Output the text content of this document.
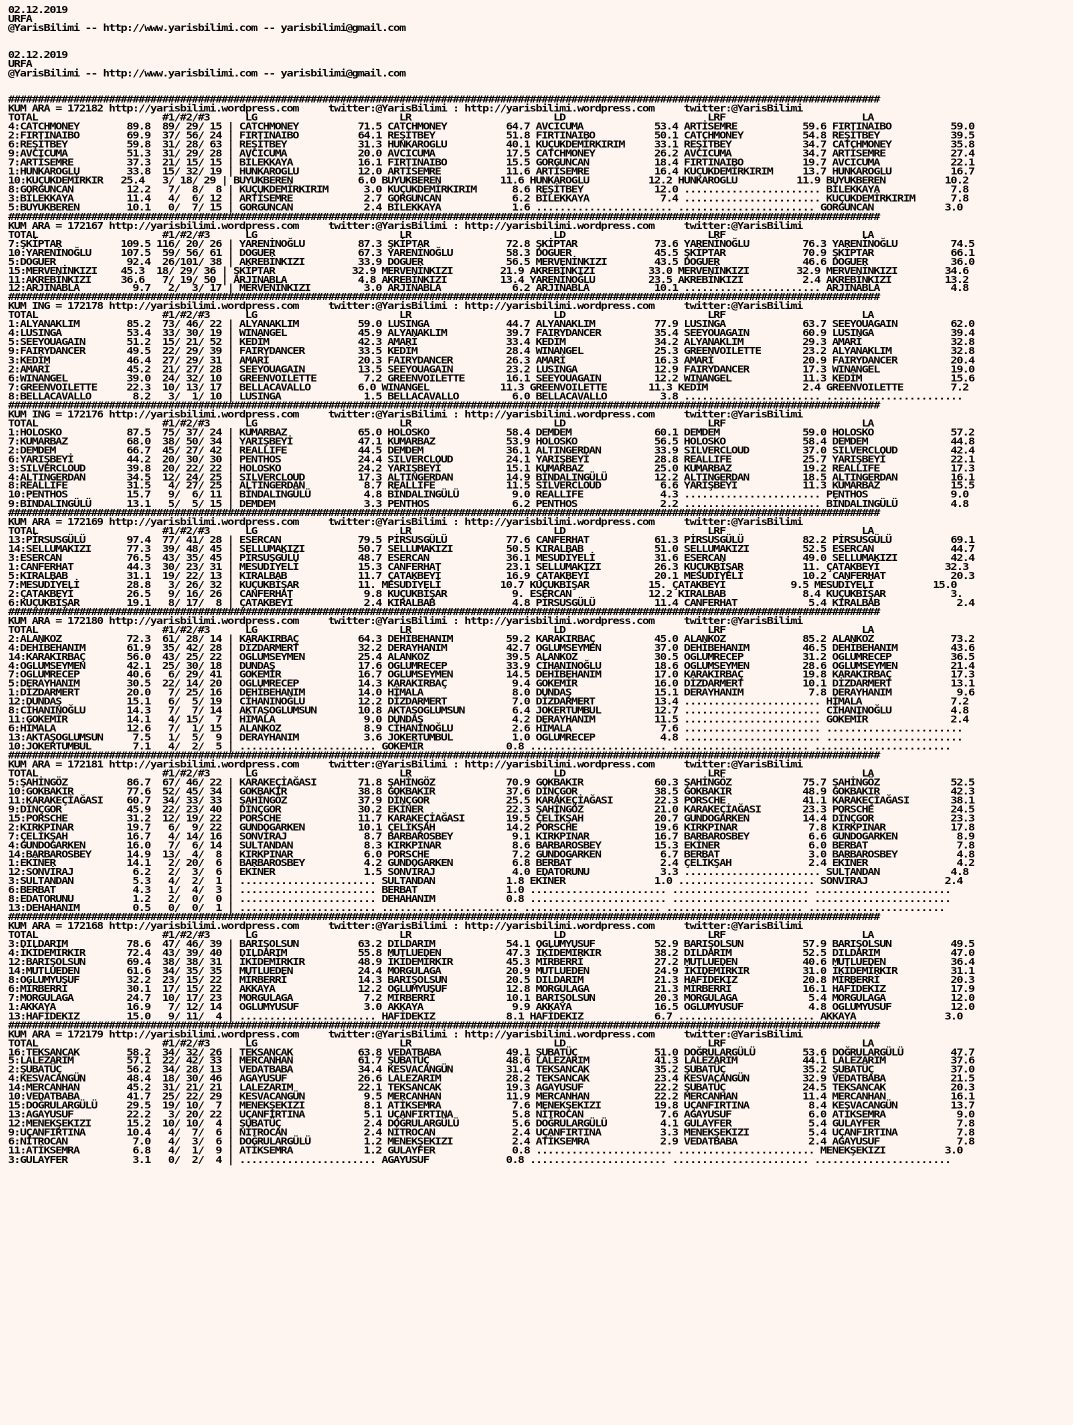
02.12.2019
URFA
@YarisBilimi -- http://www.yarisbilimi.com -- yarisbilimi@gmail.com
02.12.2019
URFA
@YarisBilimi -- http://www.yarisbilimi.com -- yarisbilimi@gmail.com
###################################################################################################################################################
KUM ARA = 172182 http://yarisbilimi.wordpress.com     twitter:@YarisBilimi : http://yarisbilimi.wordpress.com     twitter:@YarisBilimi
TOTAL                     #1/#2/#3      LG                        LR                        LD                        LRF                       LA
4:CATCHMONEY        89.8  89/ 29/ 15 | CATCHMONEY          71.5 CATCHMONEY          64.7 AVCICUMA            53.4 ARTİSEMRE           59.6 FIRTINAIBO          59.0
2:FIRTINAIBO        69.9  37/ 56/ 24 | FIRTINAIBO          64.1 REŞİTBEY            51.8 FIRTINAIBO          50.1 CATCHMONEY          54.8 REŞİTBEY            39.5
6:REŞİTBEY          59.8  31/ 28/ 63 | REŞİTBEY            31.3 HUNKAROGLU          40.1 KUÇUKDEMİRKIRIM     33.1 REŞİTBEY            34.7 CATCHMONEY          35.8
9:AVCICUMA          51.3  31/ 29/ 28 | AVCICUMA            20.0 AVCICUMA            17.5 CATCHMONEY          26.2 AVCICUMA            34.7 ARTİSEMRE           27.4
7:ARTİSEMRE         37.3  21/ 15/ 15 | BİLEKKAYA           16.1 FIRTINAIBO          15.5 GORGUNCAN           18.4 FIRTINAIBO          19.7 AVCICUMA            22.1
1:HUNKAROGLU        33.8  15/ 32/ 19 | HUNKAROGLU          12.0 ARTİSEMRE           11.6 ARTİSEMRE           16.4 KUÇUKDEMİRKIRIM     13.7 HUNKAROGLU          16.7
10:KUÇUKDEMİRKIR   25.4   3/ 18/ 29 | BUYUKBEREN           6.0 BUYUKBEREN          11.6 HUNKAROGLU          12.2 HUNKAROGLU          11.9 BUYUKBEREN          10.2
8:GORGUNCAN         12.2   7/  8/  8 | KUÇUKDEMİRKIRIM      3.0 KUÇUKDEMİRKIRIM      8.6 REŞİTBEY            12.0 ....................... BİLEKKAYA            7.8
3:BİLEKKAYA         11.4   4/  6/ 12 | ARTİSEMRE            2.7 GORGUNCAN            6.2 BİLEKKAYA            7.4 ....................... KUÇUKDEMİRKIRIM      7.8
5:BUYUKBEREN        10.1   0/  7/ 15 | GORGUNCAN            2.4 BİLEKKAYA            1.6 ....................... ....................... GORGUNCAN            3.0
###################################################################################################################################################
KUM ARA = 172167 http://yarisbilimi.wordpress.com     twitter:@YarisBilimi : http://yarisbilimi.wordpress.com     twitter:@YarisBilimi
TOTAL                     #1/#2/#3      LG                        LR                        LD                        LRF                       LA
7:ŞKİPTAR          109.5 116/ 20/ 26 | YARENİNOĞLU         87.3 ŞKİPTAR             72.8 ŞKİPTAR             73.6 YARENİNOĞLU         76.3 YARENİNOĞLU         74.5
10:YARENİNOĞLU     107.5  59/ 56/ 61 | DOGUER              67.3 YARENİNOĞLU         58.3 DOGUER              45.5 ŞKİPTAR             70.9 ŞKİPTAR             66.1
5:DOGUER            92.4  26/101/ 38 | AKREBİNKIZI         33.9 DOGUER              56.5 MERVENİNKIZI        43.5 DOGUER              46.6 DOGUER              36.0
15:MERVENİNKIZI    45.3  18/ 29/ 36 | ŞKİPTAR             32.9 MERVENİNKIZI        21.9 AKREBİNKIZI         33.0 MERVENİNKIZI        32.9 MERVENİNKIZI        34.6
11:AKREBİNKIZI     36.6   7/ 19/ 50 | ARJINABLA            4.8 AKREBİNKIZI         13.4 YARENİNOĞLU         23.5 AKREBİNKIZI          2.4 AKREBİNKIZI         13.2
12:ARJINABLA         9.7   2/  3/ 17 | MERVENİNKIZI         3.0 ARJINABLA            6.2 ARJINABLA           10.1 ....................... ARJINABLA            4.8
###################################################################################################################################################
KUM ING = 172178 http://yarisbilimi.wordpress.com     twitter:@YarisBilimi : http://yarisbilimi.wordpress.com     twitter:@YarisBilimi
TOTAL                     #1/#2/#3      LG                        LR                        LD                        LRF                       LA
1:ALYANAKLIM        85.2  73/ 46/ 22 | ALYANAKLIM          59.0 LUSINGA             44.7 ALYANAKLIM          77.9 LUSINGA             63.7 SEEYOUAGAIN         62.0
4:LUSINGA           53.4  33/ 30/ 19 | WINANGEL            45.9 ALYANAKLIM          39.7 FAIRYDANCER         35.4 SEEYOUAGAIN         60.9 LUSINGA             39.4
5:SEEYOUAGAIN       51.2  15/ 21/ 52 | KEDİM               42.3 AMARİ               33.4 KEDİM               34.2 ALYANAKLIM          29.3 AMARİ               32.8
9:FAIRYDANCER       49.5  22/ 29/ 39 | FAIRYDANCER         33.5 KEDİM               28.4 WINANGEL            25.3 GREENVOILETTE       23.2 ALYANAKLIM          32.8
3:KEDİM             46.4  27/ 29/ 31 | AMARİ               20.3 FAIRYDANCER         26.3 AMARİ               16.3 AMARİ               20.9 FAIRYDANCER         20.4
2:AMARİ             45.2  21/ 27/ 28 | SEEYOUAGAIN         13.5 SEEYOUAGAIN         23.2 LUSINGA             12.9 FAIRYDANCER         17.3 WINANGEL            19.0
6:WINANGEL          39.0  24/ 32/ 10 | GREENVOILETTE        7.2 GREENVOILETTE       16.1 SEEYOUAGAIN         12.2 WINANGEL            11.3 KEDİM               15.6
7:GREENVOILETTE     22.3  10/ 13/ 17 | BELLACAVALLO        6.0 WINANGEL            11.3 GREENVOILETTE       11.3 KEDİM                2.4 GREENVOILETTE        7.2
8:BELLACAVALLO       8.2   3/  1/ 10 | LUSINGA              1.5 BELLACAVALLO         6.0 BELLACAVALLO         3.8 ....................... .......................
###################################################################################################################################################
KUM ING = 172176 http://yarisbilimi.wordpress.com     twitter:@YarisBilimi : http://yarisbilimi.wordpress.com     twitter:@YarisBilimi
TOTAL                     #1/#2/#3      LG                        LR                        LD                        LRF                       LA
1:HOLOSKO           87.5  75/ 37/ 24 | KUMARBAZ            65.0 HOLOSKO             58.4 DEMDEM              60.1 DEMDEM              59.0 HOLOSKO             57.2
7:KUMARBAZ          68.0  38/ 50/ 34 | YARIŞBEYİ           47.1 KUMARBAZ            53.9 HOLOSKO             56.5 HOLOSKO             58.4 DEMDEM              44.8
2:DEMDEM            66.7  45/ 27/ 42 | REALLIFE            44.5 DEMDEM              36.1 ALTINGERDAN         33.9 SILVERCLOUD         37.0 SILVERCLOUD         42.4
6:YARIŞBEYİ         44.2  20/ 30/ 30 | PENTHOS             24.4 SILVERCLOUD         24.1 YARIŞBEYİ           28.8 REALLIFE            25.7 YARIŞBEYİ           22.1
3:SILVERCLOUD       39.8  20/ 22/ 22 | HOLOSKO             24.2 YARIŞBEYİ           15.1 KUMARBAZ            25.0 KUMARBAZ            19.2 REALLIFE            17.3
4:ALTINGERDAN       34.5  12/ 24/ 25 | SILVERCLOUD         17.3 ALTINGERDAN         14.9 BİNDALINGÜLÜ        12.2 ALTINGERDAN         18.5 ALTINGERDAN         16.1
8:REALLIFE          31.5   4/ 27/ 25 | ALTINGERDAN          8.7 REALLIFE            11.5 SILVERCLOUD          6.6 YARIŞBEYİ           11.3 KUMARBAZ            15.5
10:PENTHOS          15.7   9/  6/ 11 | BİNDALINGÜLÜ         4.8 BİNDALINGÜLÜ         9.0 REALLIFE             4.3 ....................... PENTHOS              9.0
9:BİNDALINGÜLÜ      13.1   5/  5/ 15 | DEMDEM               3.3 PENTHOS              6.2 PENTHOS              2.2 ....................... BİNDALINGÜLÜ         4.8
###################################################################################################################################################
KUM ARA = 172169 http://yarisbilimi.wordpress.com     twitter:@YarisBilimi : http://yarisbilimi.wordpress.com     twitter:@YarisBilimi
TOTAL                     #1/#2/#3      LG                        LR                        LD                        LRF                       LA
13:PİRSUSGÜLÜ       97.4  77/ 41/ 28 | ESERCAN             79.5 PİRSUSGÜLÜ          77.6 CANFERHAT           61.3 PİRSUSGÜLÜ          82.2 PİRSUSGÜLÜ          69.1
14:SELLUMAKIZI      77.3  39/ 48/ 45 | SELLUMAKIZI         50.7 SELLUMAKIZI         50.5 KIRALBAB            51.0 SELLUMAKIZI         52.5 ESERCAN             44.7
3:ESERCAN           76.5  43/ 35/ 45 | PİRSUSGÜLÜ          48.7 ESERCAN             36.1 MESUDİYELİ          31.6 ESERCAN             49.0 SELLUMAKIZI         42.4
1:CANFERHAT         44.3  30/ 23/ 31 | MESUDİYELİ          15.3 CANFERHAT           23.1 SELLUMAKIZI         26.3 KUÇUKBİŞAR          11. ÇATAKBEYİ           32.3
5:KIRALBAB          31.1  19/ 22/ 13 | KIRALBAB            11.7 ÇATAKBEYİ           16.9 ÇATAKBEYİ           20.1 MESUDİYELİ          10.2 CANFERHAT           20.3
7:MESUDİYELİ        28.8   3/ 26/ 32 | KUÇUKBİŞAR          11. MESUDİYELİ          10.7 KUÇUKBİŞAR          15. ÇATAKBEYİ           9.5 MESUDİYELİ          15.0
2:ÇATAKBEYİ         26.5   9/ 16/ 26 | CANFERHAT            9.8 KUÇUKBİŞAR           9. ESERCAN             12.2 KIRALBAB             8.4 KUÇUKBİŞAR           3.
6:KUÇUKBİŞAR        19.1   8/ 17/  8 | ÇATAKBEYİ            2.4 KIRALBAB             4.8 PİRSUSGÜLÜ          11.4 CANFERHAT            5.4 KIRALBAB             2.4
###################################################################################################################################################
KUM ARA = 172180 http://yarisbilimi.wordpress.com     twitter:@YarisBilimi : http://yarisbilimi.wordpress.com     twitter:@YarisBilimi
TOTAL                     #1/#2/#3      LG                        LR                        LD                        LRF                       LA
2:ALANKOZ           72.3  61/ 28/ 14 | KARAKIRBAÇ          64.3 DEHİBEHANIM         59.2 KARAKIRBAÇ          45.0 ALANKOZ             85.2 ALANKOZ             73.2
4:DEHİBEHANIM       61.9  35/ 42/ 28 | DİZDARMERT          32.2 DERAYHANIM          42.7 OGLUMSEYMEN         37.0 DEHİBEHANIM         46.5 DEHİBEHANIM         43.6
14:KARAKIRBAÇ       56.0  43/ 25/ 22 | OGLUMSEYMEN         25.4 ALANKOZ             39.5 ALANKOZ             30.5 OGLUMRECEP          31.2 OGLUMRECEP          36.5
4:OGLUMSEYMEN       42.1  25/ 30/ 18 | DUNDAŞ              17.6 OGLUMRECEP          33.9 CİHANINOĞLU         18.6 OGLUMSEYMEN         28.6 OGLUMSEYMEN         21.4
7:OGLUMRECEP        40.6   6/ 29/ 41 | GOKEMİR             16.7 OGLUMSEYMEN         14.5 DEHİBEHANIM         17.0 KARAKIRBAÇ          19.8 KARAKIRBAÇ          17.3
5:DERAYHANIM        30.5  22/ 14/ 20 | OGLUMRECEP          14.3 KARAKIRBAÇ           9.4 GOKEMİR             16.0 DİZDARMERT          10.1 DİZDARMERT          13.1
1:DİZDARMERT        20.0   7/ 25/ 16 | DEHİBEHANIM         14.0 HİMALA               8.0 DUNDAŞ              15.1 DERAYHANIM           7.8 DERAYHANIM           9.6
12:DUNDAŞ           15.1   6/  5/ 19 | CİHANINOĞLU         12.2 DİZDARMERT           7.0 DİZDARMERT          13.4 ....................... HİMALA               7.2
8:CİHANINOĞLU       14.3   7/  7/ 14 | AKTAŞOGLUMSUN       10.8 AKTAŞOGLUMSUN        6.4 JOKERTUMBUL         12.7 ....................... CİHANINOĞLU          4.8
11:GOKEMİR          14.1   4/ 15/  7 | HİMALA               9.0 DUNDAŞ               4.2 DERAYHANIM          11.5 ....................... GOKEMİR              2.4
6:HİMALA            12.6   7/  1/ 15 | ALANKOZ              8.9 CİHANINOĞLU          2.6 HİMALA               7.6 ....................... .......................
13:AKTAŞOGLUMSUN     7.5   1/  5/  9 | DERAYHANIM           3.6 JOKERTUMBUL          1.0 OGLUMRECEP           4.8 ....................... .......................
10:JOKERTUMBUL       7.1   4/  2/  5 | ....................... GOKEMİR              0.8 ....................... ....................... .......................
###################################################################################################################################################
KUM ARA = 172181 http://yarisbilimi.wordpress.com     twitter:@YarisBilimi : http://yarisbilimi.wordpress.com     twitter:@YarisBilimi
TOTAL                     #1/#2/#3      LG                        LR                        LD                        LRF                       LA
5:ŞAHİNGÖZ          86.7  67/ 46/ 22 | KARAKEÇİAĞASI       71.8 ŞAHİNGÖZ            70.9 GOKBAKIR            60.3 ŞAHİNGÖZ            75.7 ŞAHİNGÖZ            52.5
10:GOKBAKIR         77.6  52/ 45/ 34 | GOKBAKIR            38.8 GOKBAKIR            37.6 DİNÇGOR             38.5 GOKBAKIR            48.9 GOKBAKIR            42.3
11:KARAKEÇİAĞASI    60.7  34/ 33/ 33 | ŞAHİNGÖZ            37.9 DİNÇGOR             25.5 KARAKEÇİAĞASI       22.3 PORSCHE             41.1 KARAKEÇİAĞASI       38.1
9:DİNÇGOR           45.9  22/ 23/ 40 | DİNÇGOR             30.2 EKİNER              22.3 ŞAHİNGÖZ            21.0 KARAKEÇİAĞASI       23.3 PORSCHE             24.5
15:PORSCHE          31.2  12/ 19/ 22 | PORSCHE             11.7 KARAKEÇİAĞASI       19.5 ÇELİKŞAH            20.7 GUNDOGARKEN         14.4 DİNÇGOR             23.3
2:KIRKPINAR         19.7   6/  9/ 22 | GUNDOGARKEN         10.1 ÇELİKŞAH            14.2 PORSCHE             19.6 KIRKPINAR            7.8 KIRKPINAR           17.8
7:ÇELİKŞAH          16.7   4/ 14/ 16 | SONVİRAJ             8.7 BARBAROSBEY          9.1 KIRKPINAR           16.7 BARBAROSBEY          6.6 GUNDOGARKEN          8.9
4:GUNDOGARKEN       16.0   7/  6/ 14 | SULTANDAN            8.3 KIRKPINAR            8.6 BARBAROSBEY         15.3 EKİNER               6.0 BERBAT               7.8
14:BARBAROSBEY      14.9  13/  4/  8 | KIRKPINAR            6.0 PORSCHE              7.2 GUNDOGARKEN          6.7 BERBAT               3.0 BARBAROSBEY          4.8
1:EKİNER            14.1   2/ 20/  6 | BARBAROSBEY          4.2 GUNDOGARKEN          6.8 BERBAT               2.4 ÇELİKŞAH             2.4 EKİNER               4.2
12:SONVİRAJ          6.2   2/  3/  6 | EKİNER               1.5 SONVİRAJ             4.0 EDATORUNU            3.3 ....................... SULTANDAN            4.8
3:SULTANDAN          5.3   4/  2/  1 | ....................... SULTANDAN            1.8 EKİNER               1.0 ....................... SONVİRAJ             2.4
6:BERBAT             4.3   1/  4/  3 | ....................... BERBAT               1.0 ....................... ....................... .......................
8:EDATORUNU          1.2   2/  0/  0 | ....................... DEHAHANIM            0.8 ....................... ....................... .......................
13:DEHAHANIM         0.5   0/  0/  1 | ....................... ....................... ....................... ....................... .......................
###################################################################################################################################################
KUM ARA = 172168 http://yarisbilimi.wordpress.com     twitter:@YarisBilimi : http://yarisbilimi.wordpress.com     twitter:@YarisBilimi
TOTAL                     #1/#2/#3      LG                        LR                        LD                        LRF                       LA
3:DILDARIM          78.6  47/ 46/ 39 | BARIŞOLSUN          63.2 DILDARIM            54.1 OGLUMYUSUF          52.9 BARIŞOLSUN          57.9 BARIŞOLSUN          49.5
4:İKİDEMİRKIR       72.4  43/ 39/ 40 | DILDARIM            55.8 MUTLUEDEN           47.3 İKİDEMİRKIR         38.2 DILDARIM            52.5 DILDARIM            47.0
12:BARIŞOLSUN       69.4  38/ 38/ 31 | İKİDEMİRKIR         48.9 İKİDEMİRKIR         45.3 MİRBERRİ            27.2 MUTLUEDEN           40.6 MUTLUEDEN           36.4
14:MUTLUEDEN        61.6  34/ 35/ 35 | MUTLUEDEN           24.4 MORGULAGA           20.9 MUTLUEDEN           24.9 İKİDEMİRKIR         31.0 İKİDEMİRKIR         31.1
8:OGLUMYUSUF        32.2  23/ 15/ 22 | MİRBERRİ            14.3 BARIŞOLSUN          20.5 DILDARIM            21.3 HAFİDEKIZ           20.8 MİRBERRİ            20.3
6:MİRBERRİ          30.1  17/ 15/ 22 | AKKAYA              12.2 OGLUMYUSUF          12.8 MORGULAGA           21.3 MİRBERRİ            16.1 HAFİDEKIZ           17.9
7:MORGULAGA         24.7  10/ 17/ 23 | MORGULAGA            7.2 MİRBERRİ            10.1 BARIŞOLSUN          20.3 MORGULAGA            5.4 MORGULAGA           12.0
1:AKKAYA            16.9   7/ 12/ 14 | OGLUMYUSUF           3.0 AKKAYA               9.9 AKKAYA              16.5 OGLUMYUSUF           4.8 OGLUMYUSUF          12.0
13:HAFİDEKIZ        15.0   9/ 11/  4 | ....................... HAFİDEKIZ            8.1 HAFİDEKIZ            6.7 ....................... AKKAYA               3.0
###################################################################################################################################################
KUM ARA = 172179 http://yarisbilimi.wordpress.com     twitter:@YarisBilimi : http://yarisbilimi.wordpress.com     twitter:@YarisBilimi
TOTAL                     #1/#2/#3      LG                        LR                        LD                        LRF                       LA
16:TEKSANCAK        58.2  34/ 32/ 26 | TEKSANCAK           63.8 VEDATBABA           49.1 ŞUBATÜÇ             51.0 DOĞRULARGÜLÜ        53.6 DOĞRULARGÜLÜ        47.7
5:LALEZARIM         57.1  22/ 42/ 33 | MERCANHAN           61.7 ŞUBATÜÇ             48.6 LALEZARIM           41.3 LALEZARIM           44.1 LALEZARIM           37.6
2:ŞUBATÜÇ           56.2  34/ 28/ 13 | VEDATBABA           34.4 KESVACANGÜN         31.4 TEKSANCAK           35.2 ŞUBATÜÇ             35.2 ŞUBATÜÇ             37.0
4:KESVACANGÜN       48.4  18/ 30/ 46 | AGAYUSUF            26.6 LALEZARIM           28.2 TEKSANCAK           23.4 KESVACANGÜN         32.9 VEDATBABA           21.5
14:MERCANHAN        45.2  31/ 21/ 21 | LALEZARIM           22.1 TEKSANCAK           19.3 AGAYUSUF            22.2 ŞUBATÜÇ             24.5 TEKSANCAK           20.3
10:VEDATBABA        41.7  25/ 22/ 29 | KESVACANGÜN          9.5 MERCANHAN           11.9 MERCANHAN           22.2 MERCANHAN           11.4 MERCANHAN           16.1
15:DOĞRULARGÜLÜ     29.5  19/ 10/  7 | MENEKŞEKIZI          8.1 ATİKSEMRA            7.6 MENEKŞEKIZI         19.8 UÇANFIRTINA          8.4 KESVACANGÜN         13.7
13:AGAYUSUF         22.2   3/ 20/ 22 | UÇANFIRTINA          5.1 UÇANFIRTINA          5.8 NİTROCAN             7.6 AGAYUSUF             6.0 ATİKSEMRA            9.0
12:MENEKŞEKIZI      15.2  10/ 10/  4 | ŞUBATÜÇ              2.4 DOĞRULARGÜLÜ         5.6 DOĞRULARGÜLÜ         4.1 GULAYFER             5.4 GULAYFER             7.8
9:UÇANFIRTINA       10.4   4/  7/  6 | NİTROCAN             2.4 NİTROCAN             2.4 UÇANFIRTINA          3.3 MENEKŞEKIZI          5.4 UÇANFIRTINA          7.8
6:NİTROCAN           7.0   4/  3/  6 | DOĞRULARGÜLÜ         1.2 MENEKŞEKIZI          2.4 ATİKSEMRA            2.9 VEDATBABA            2.4 AGAYUSUF             7.8
11:ATİKSEMRA         6.8   4/  1/  9 | ATİKSEMRA            1.2 GULAYFER             0.8 ....................... ....................... MENEKŞEKIZI          3.0
3:GULAYFER           3.1   0/  2/  4 | ....................... AGAYUSUF             0.8 ....................... ....................... .......................
